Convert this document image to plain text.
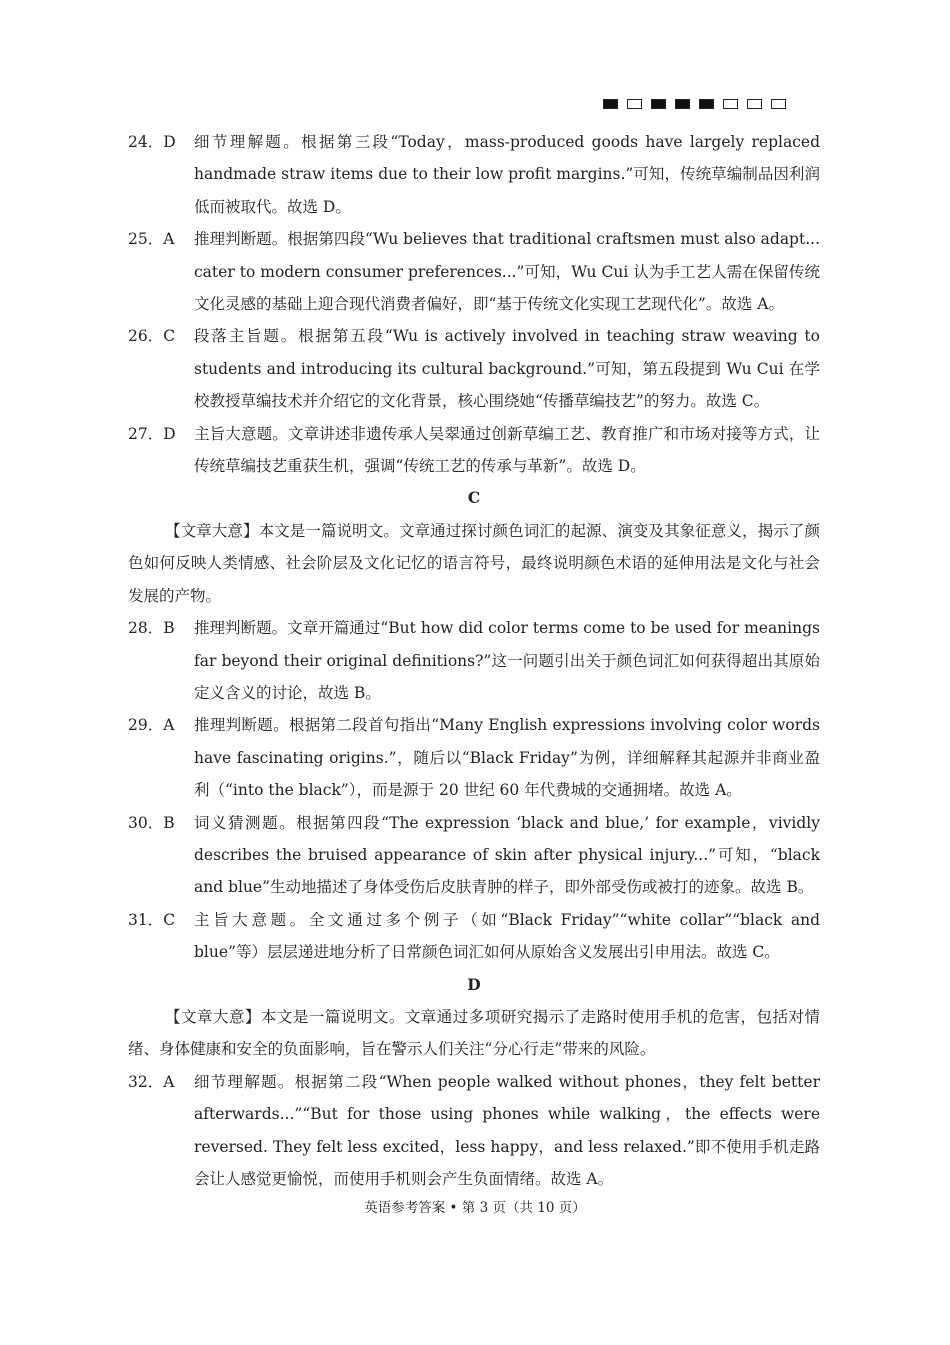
24．D 细节理解题。根据第三段“Today，mass-produced goods have largely replaced handmade straw items due to their low profit margins.”可知，传统草编制品因利润低而被取代。故选 D。
25．A 推理判断题。根据第四段“Wu believes that traditional craftsmen must also adapt... cater to modern consumer preferences...”可知，Wu Cui 认为手工艺人需在保留传统文化灵感的基础上迎合现代消费者偏好，即“基于传统文化实现工艺现代化”。故选 A。
26．C 段落主旨题。根据第五段“Wu is actively involved in teaching straw weaving to students and introducing its cultural background.”可知，第五段提到 Wu Cui 在学校教授草编技术并介绍它的文化背景，核心围绕她“传播草编技艺”的努力。故选 C。
27．D 主旨大意题。文章讲述非遗传承人吴翠通过创新草编工艺、教育推广和市场对接等方式，让传统草编技艺重获生机，强调“传统工艺的传承与革新”。故选 D。
C
【文章大意】本文是一篇说明文。文章通过探讨颜色词汇的起源、演变及其象征意义，揭示了颜色如何反映人类情感、社会阶层及文化记忆的语言符号，最终说明颜色术语的延伸用法是文化与社会发展的产物。
28．B 推理判断题。文章开篇通过“But how did color terms come to be used for meanings far beyond their original definitions?”这一问题引出关于颜色词汇如何获得超出其原始定义含义的讨论，故选 B。
29．A 推理判断题。根据第二段首句指出“Many English expressions involving color words have fascinating origins.”，随后以“Black Friday”为例，详细解释其起源并非商业盈利（“into the black”），而是源于 20 世纪 60 年代费城的交通拥堵。故选 A。
30．B 词义猜测题。根据第四段“The expression ‘black and blue,’ for example，vividly describes the bruised appearance of skin after physical injury...”可知，“black and blue”生动地描述了身体受伤后皮肤青肿的样子，即外部受伤或被打的迹象。故选 B。
31．C 主旨大意题。全文通过多个例子（如“Black Friday”“white collar”“black and blue”等）层层递进地分析了日常颜色词汇如何从原始含义发展出引申用法。故选 C。
D
【文章大意】本文是一篇说明文。文章通过多项研究揭示了走路时使用手机的危害，包括对情绪、身体健康和安全的负面影响，旨在警示人们关注“分心行走”带来的风险。
32．A 细节理解题。根据第二段“When people walked without phones，they felt better afterwards...”“But for those using phones while walking，the effects were reversed. They felt less excited，less happy，and less relaxed.”即不使用手机走路会让人感觉更愉悦，而使用手机则会产生负面情绪。故选 A。
英语参考答案 • 第 3 页（共 10 页）
